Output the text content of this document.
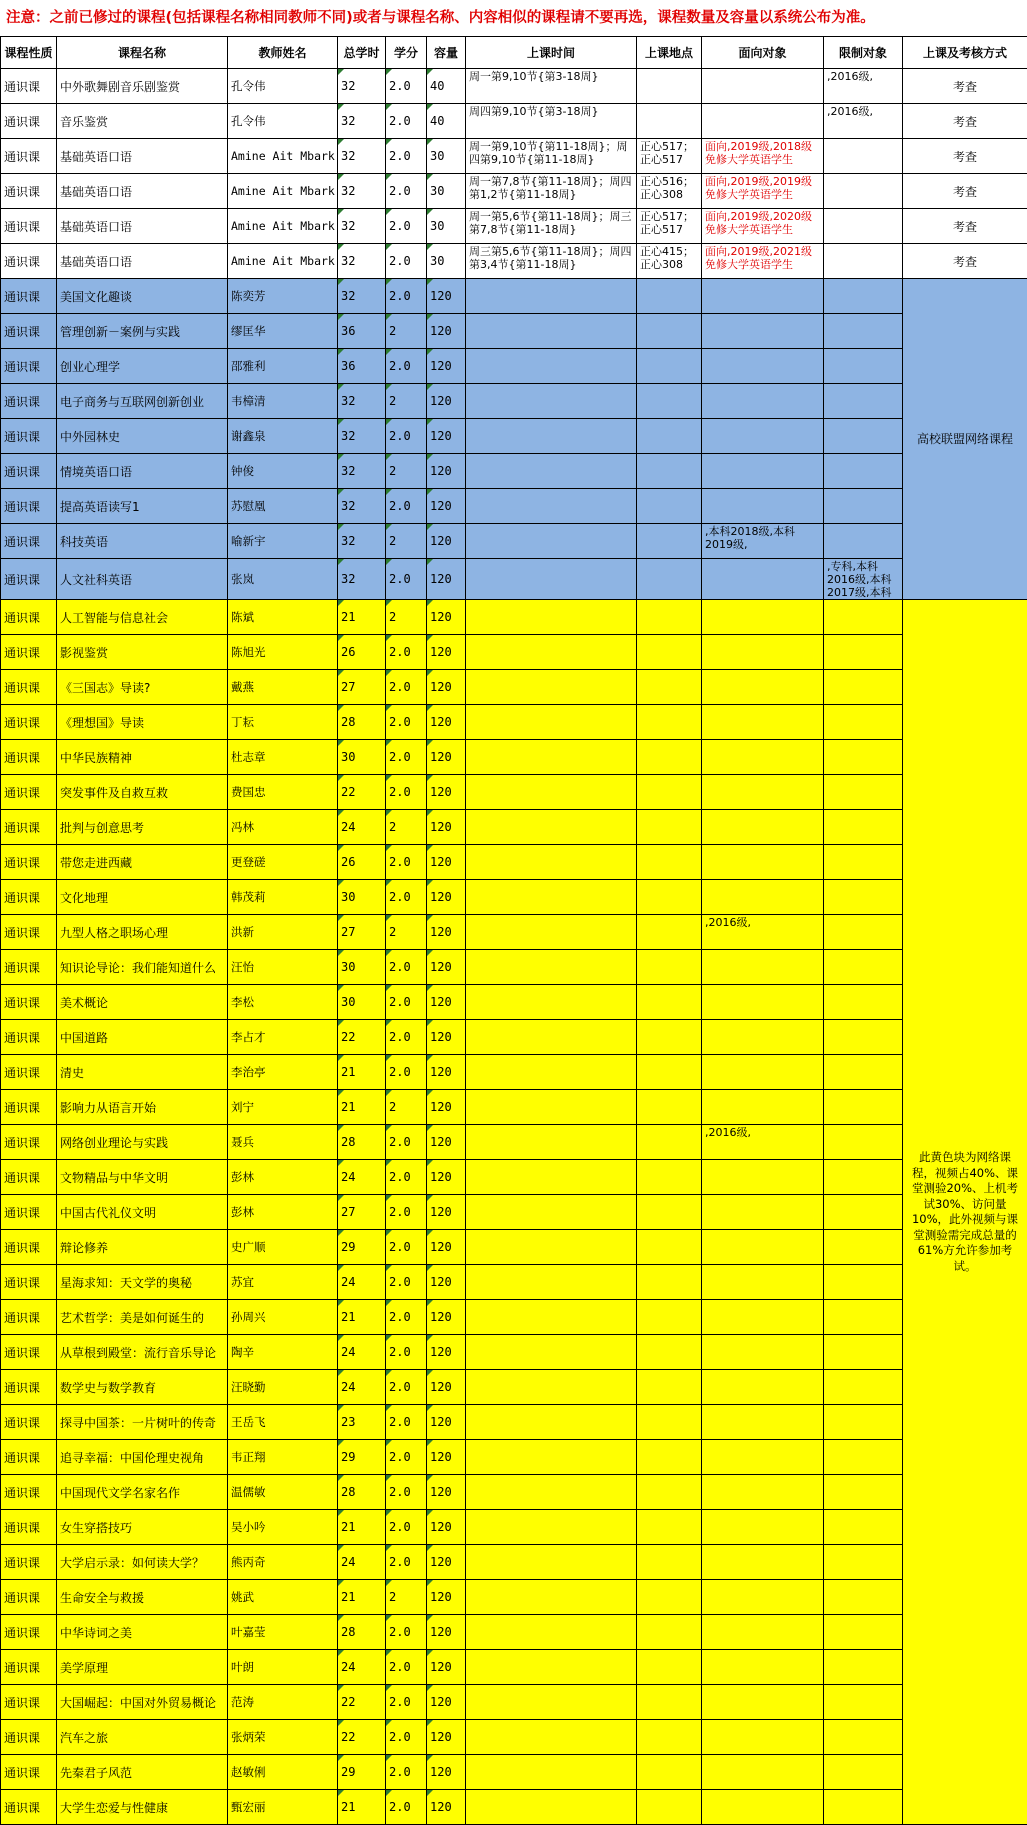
注意：之前已修过的课程(包括课程名称相同教师不同)或者与课程名称、内容相似的课程请不要再选，课程数量及容量以系统公布为准。
课程性质	课程名称	教师姓名	总学时	学分	容量	上课时间	上课地点	面向对象	限制对象	上课及考核方式
通识课	中外歌舞剧音乐剧鉴赏	孔令伟	32	2.0	40	周一第9,10节{第3-18周}			,2016级,	考查
通识课	音乐鉴赏	孔令伟	32	2.0	40	周四第9,10节{第3-18周}			,2016级,	考查
通识课	基础英语口语	Amine Ait Mbark	32	2.0	30	周一第9,10节{第11-18周}；周四第9,10节{第11-18周}	正心517；正心517	面向,2019级,2018级免修大学英语学生		考查
通识课	基础英语口语	Amine Ait Mbark	32	2.0	30	周一第7,8节{第11-18周}；周四第1,2节{第11-18周}	正心516；正心308	面向,2019级,2019级免修大学英语学生		考查
通识课	基础英语口语	Amine Ait Mbark	32	2.0	30	周一第5,6节{第11-18周}；周三第7,8节{第11-18周}	正心517；正心517	面向,2019级,2020级免修大学英语学生		考查
通识课	基础英语口语	Amine Ait Mbark	32	2.0	30	周三第5,6节{第11-18周}；周四第3,4节{第11-18周}	正心415；正心308	面向,2019级,2021级免修大学英语学生		考查
通识课	美国文化趣谈	陈奕芳	32	2.0	120					高校联盟网络课程
通识课	管理创新－案例与实践	缪匡华	36	2	120					
通识课	创业心理学	邵雅利	36	2.0	120					
通识课	电子商务与互联网创新创业	韦樟清	32	2	120					
通识课	中外园林史	谢鑫泉	32	2.0	120					
通识课	情境英语口语	钟俊	32	2	120					
通识课	提高英语读写1	苏慰凰	32	2.0	120					
通识课	科技英语	喻新宇	32	2	120			,本科2018级,本科2019级,		
通识课	人文社科英语	张岚	32	2.0	120				,专科,本科2016级,本科2017级,本科	
通识课	人工智能与信息社会	陈斌	21	2	120					此黄色块为网络课程，视频占40%、课堂测验20%、上机考试30%、访问量10%，此外视频与课堂测验需完成总量的61%方允许参加考试。
通识课	影视鉴赏	陈旭光	26	2.0	120					
通识课	《三国志》导读?	戴燕	27	2.0	120					
通识课	《理想国》导读	丁耘	28	2.0	120					
通识课	中华民族精神	杜志章	30	2.0	120					
通识课	突发事件及自救互救	费国忠	22	2.0	120					
通识课	批判与创意思考	冯林	24	2	120					
通识课	带您走进西藏	更登磋	26	2.0	120					
通识课	文化地理	韩茂莉	30	2.0	120					
通识课	九型人格之职场心理	洪新	27	2	120			,2016级,		
通识课	知识论导论：我们能知道什么	汪怡	30	2.0	120					
通识课	美术概论	李松	30	2.0	120					
通识课	中国道路	李占才	22	2.0	120					
通识课	清史	李治亭	21	2.0	120					
通识课	影响力从语言开始	刘宁	21	2	120					
通识课	网络创业理论与实践	聂兵	28	2.0	120			,2016级,		
通识课	文物精品与中华文明	彭林	24	2.0	120					
通识课	中国古代礼仪文明	彭林	27	2.0	120					
通识课	辩论修养	史广顺	29	2.0	120					
通识课	星海求知：天文学的奥秘	苏宜	24	2.0	120					
通识课	艺术哲学：美是如何诞生的	孙周兴	21	2.0	120					
通识课	从草根到殿堂：流行音乐导论	陶辛	24	2.0	120					
通识课	数学史与数学教育	汪晓勤	24	2.0	120					
通识课	探寻中国茶：一片树叶的传奇	王岳飞	23	2.0	120					
通识课	追寻幸福：中国伦理史视角	韦正翔	29	2.0	120					
通识课	中国现代文学名家名作	温儒敏	28	2.0	120					
通识课	女生穿搭技巧	吴小吟	21	2.0	120					
通识课	大学启示录：如何读大学？	熊丙奇	24	2.0	120					
通识课	生命安全与救援	姚武	21	2	120					
通识课	中华诗词之美	叶嘉莹	28	2.0	120					
通识课	美学原理	叶朗	24	2.0	120					
通识课	大国崛起：中国对外贸易概论	范涛	22	2.0	120					
通识课	汽车之旅	张炳荣	22	2.0	120					
通识课	先秦君子风范	赵敏俐	29	2.0	120					
通识课	大学生恋爱与性健康	甄宏丽	21	2.0	120					
